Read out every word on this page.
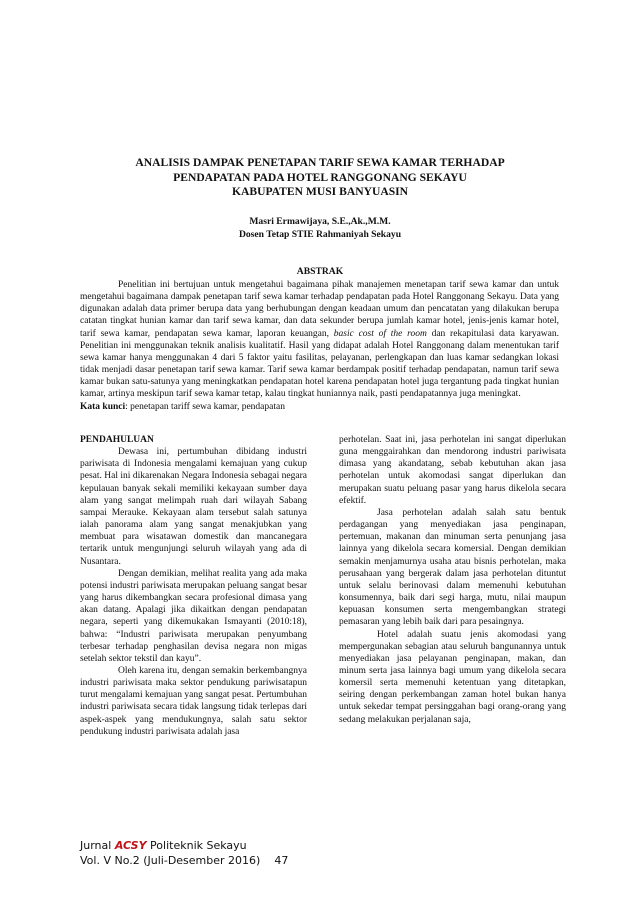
ANALISIS DAMPAK PENETAPAN TARIF SEWA KAMAR TERHADAP
PENDAPATAN PADA HOTEL RANGGONANG SEKAYU
KABUPATEN MUSI BANYUASIN
Masri Ermawijaya, S.E.,Ak.,M.M.
Dosen Tetap STIE Rahmaniyah Sekayu
ABSTRAK
Penelitian ini bertujuan untuk mengetahui bagaimana pihak manajemen menetapan tarif sewa kamar dan untuk mengetahui bagaimana dampak penetapan tarif sewa kamar terhadap pendapatan pada Hotel Ranggonang Sekayu. Data yang digunakan adalah data primer berupa data yang berhubungan dengan keadaan umum dan pencatatan yang dilakukan berupa catatan tingkat hunian kamar dan tarif sewa kamar, dan data sekunder berupa jumlah kamar hotel, jenis-jenis kamar hotel, tarif sewa kamar, pendapatan sewa kamar, laporan keuangan, basic cost of the room dan rekapitulasi data karyawan. Penelitian ini menggunakan teknik analisis kualitatif. Hasil yang didapat adalah Hotel Ranggonang dalam menentukan tarif sewa kamar hanya menggunakan 4 dari 5 faktor yaitu fasilitas, pelayanan, perlengkapan dan luas kamar sedangkan lokasi tidak menjadi dasar penetapan tarif sewa kamar. Tarif sewa kamar berdampak positif terhadap pendapatan, namun tarif sewa kamar bukan satu-satunya yang meningkatkan pendapatan hotel karena pendapatan hotel juga tergantung pada tingkat hunian kamar, artinya meskipun tarif sewa kamar tetap, kalau tingkat huniannya naik, pasti pendapatannya juga meningkat.

Kata kunci: penetapan tariff sewa kamar, pendapatan

PENDAHULUAN

Dewasa ini, pertumbuhan dibidang industri pariwisata di Indonesia mengalami kemajuan yang cukup pesat. Hal ini dikarenakan Negara Indonesia sebagai negara kepulauan banyak sekali memiliki kekayaan sumber daya alam yang sangat melimpah ruah dari wilayah Sabang sampai Merauke. Kekayaan alam tersebut salah satunya ialah panorama alam yang sangat menakjubkan yang membuat para wisatawan domestik dan mancanegara tertarik untuk mengunjungi seluruh wilayah yang ada di Nusantara.

Dengan demikian, melihat realita yang ada maka potensi industri pariwisata merupakan peluang sangat besar yang harus dikembangkan secara profesional dimasa yang akan datang. Apalagi jika dikaitkan dengan pendapatan negara, seperti yang dikemukakan Ismayanti (2010:18), bahwa: “Industri pariwisata merupakan penyumbang terbesar terhadap penghasilan devisa negara non migas setelah sektor tekstil dan kayu”.

Oleh karena itu, dengan semakin berkembangnya industri pariwisata maka sektor pendukung pariwisatapun turut mengalami kemajuan yang sangat pesat. Pertumbuhan industri pariwisata secara tidak langsung tidak terlepas dari aspek-aspek yang mendukungnya, salah satu sektor pendukung industri pariwisata adalah jasa

perhotelan. Saat ini, jasa perhotelan ini sangat diperlukan guna menggairahkan dan mendorong industri pariwisata dimasa yang akandatang, sebab kebutuhan akan jasa perhotelan untuk akomodasi sangat diperlukan dan merupakan suatu peluang pasar yang harus dikelola secara efektif.

Jasa perhotelan adalah salah satu bentuk perdagangan yang menyediakan jasa penginapan, pertemuan, makanan dan minuman serta penunjang jasa lainnya yang dikelola secara komersial. Dengan demikian semakin menjamurnya usaha atau bisnis perhotelan, maka perusahaan yang bergerak dalam jasa perhotelan dituntut untuk selalu berinovasi dalam memenuhi kebutuhan konsumennya, baik dari segi harga, mutu, nilai maupun kepuasan konsumen serta mengembangkan strategi pemasaran yang lebih baik dari para pesaingnya.

Hotel adalah suatu jenis akomodasi yang mempergunakan sebagian atau seluruh bangunannya untuk menyediakan jasa pelayanan penginapan, makan, dan minum serta jasa lainnya bagi umum yang dikelola secara komersil serta memenuhi ketentuan yang ditetapkan, seiring dengan perkembangan zaman hotel bukan hanya untuk sekedar tempat persinggahan bagi orang-orang yang sedang melakukan perjalanan saja,

Jurnal ACSY Politeknik Sekayu
Vol. V No.2 (Juli-Desember 2016) 47
